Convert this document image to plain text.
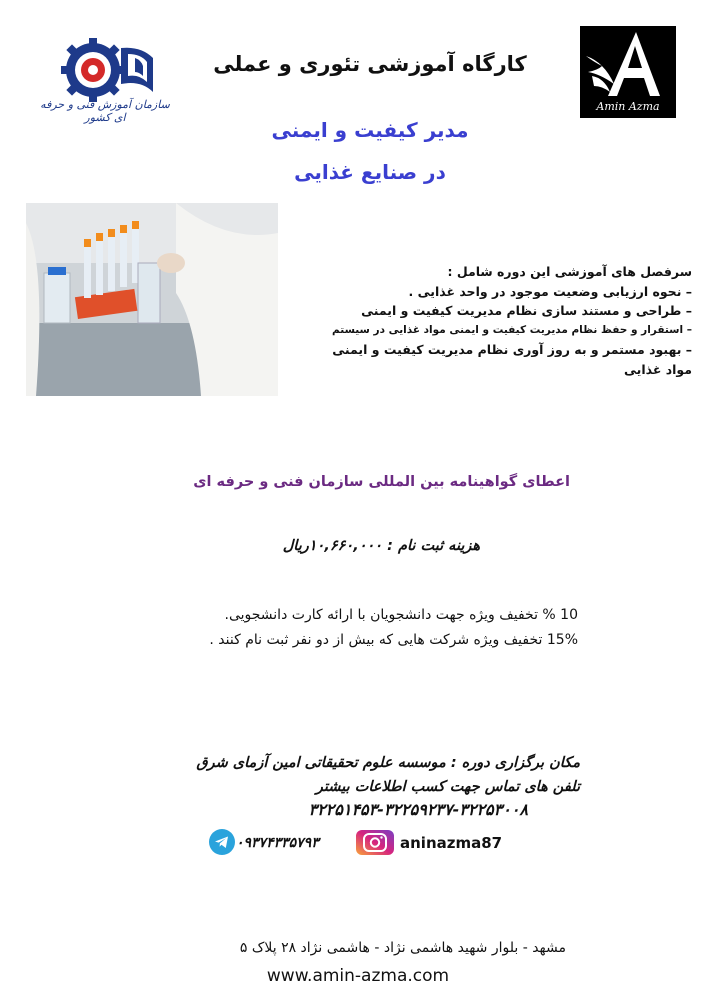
سازمان آموزش فنی و حرفه ای کشور
Amin Azma
کارگاه آموزشی تئوری و عملی
مدیر کیفیت و ایمنی
در صنایع غذایی
سرفصل های آموزشی این دوره شامل :
– نحوه ارزیابی وضعیت موجود در واحد غذایی .
– طراحی و مستند سازی نظام مدیریت کیفیت و ایمنی
– استقرار و حفظ نظام مدیریت کیفیت و ایمنی مواد غذایی در سیستم
– بهبود مستمر و به روز آوری نظام مدیریت کیفیت و ایمنی
مواد غذایی
اعطای گواهینامه بین المللی سازمان فنی و حرفه ای
هزینه ثبت نام : ۱۰,۶۶۰,۰۰۰ریال
10 % تخفیف ویژه جهت دانشجویان با ارائه کارت دانشجویی.
15% تخفیف ویژه شرکت هایی که بیش از دو نفر ثبت نام کنند .
مکان برگزاری دوره : موسسه علوم تحقیقاتی امین آزمای شرق
تلفن های تماس جهت کسب اطلاعات بیشتر
۳۲۲۵۱۴۵۳-۳۲۲۵۹۲۳۷-۳۲۲۵۳۰۰۸
۰۹۳۷۴۳۳۵۷۹۳	aninazma87
مشهد - بلوار شهید هاشمی نژاد - هاشمی نژاد ۲۸ پلاک ۵
www.amin-azma.com
